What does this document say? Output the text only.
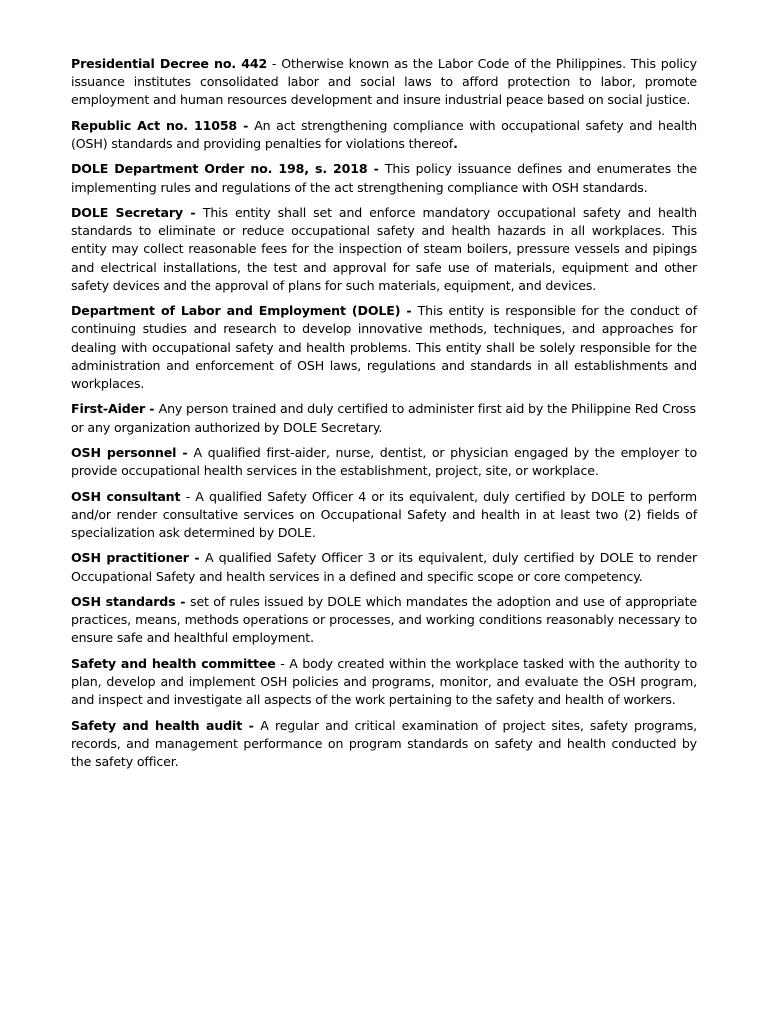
Presidential Decree no. 442 - Otherwise known as the Labor Code of the Philippines. This policy issuance institutes consolidated labor and social laws to afford protection to labor, promote employment and human resources development and insure industrial peace based on social justice.

Republic Act no. 11058 - An act strengthening compliance with occupational safety and health (OSH) standards and providing penalties for violations thereof.

DOLE Department Order no. 198, s. 2018 - This policy issuance defines and enumerates the implementing rules and regulations of the act strengthening compliance with OSH standards.

DOLE Secretary - This entity shall set and enforce mandatory occupational safety and health standards to eliminate or reduce occupational safety and health hazards in all workplaces. This entity may collect reasonable fees for the inspection of steam boilers, pressure vessels and pipings and electrical installations, the test and approval for safe use of materials, equipment and other safety devices and the approval of plans for such materials, equipment, and devices.

Department of Labor and Employment (DOLE) - This entity is responsible for the conduct of continuing studies and research to develop innovative methods, techniques, and approaches for dealing with occupational safety and health problems. This entity shall be solely responsible for the administration and enforcement of OSH laws, regulations and standards in all establishments and workplaces.

First-Aider - Any person trained and duly certified to administer first aid by the Philippine Red Cross or any organization authorized by DOLE Secretary.

OSH personnel - A qualified first-aider, nurse, dentist, or physician engaged by the employer to provide occupational health services in the establishment, project, site, or workplace.

OSH consultant - A qualified Safety Officer 4 or its equivalent, duly certified by DOLE to perform and/or render consultative services on Occupational Safety and health in at least two (2) fields of specialization ask determined by DOLE.

OSH practitioner - A qualified Safety Officer 3 or its equivalent, duly certified by DOLE to render Occupational Safety and health services in a defined and specific scope or core competency.

OSH standards - set of rules issued by DOLE which mandates the adoption and use of appropriate practices, means, methods operations or processes, and working conditions reasonably necessary to ensure safe and healthful employment.

Safety and health committee - A body created within the workplace tasked with the authority to plan, develop and implement OSH policies and programs, monitor, and evaluate the OSH program, and inspect and investigate all aspects of the work pertaining to the safety and health of workers.

Safety and health audit - A regular and critical examination of project sites, safety programs, records, and management performance on program standards on safety and health conducted by the safety officer.
